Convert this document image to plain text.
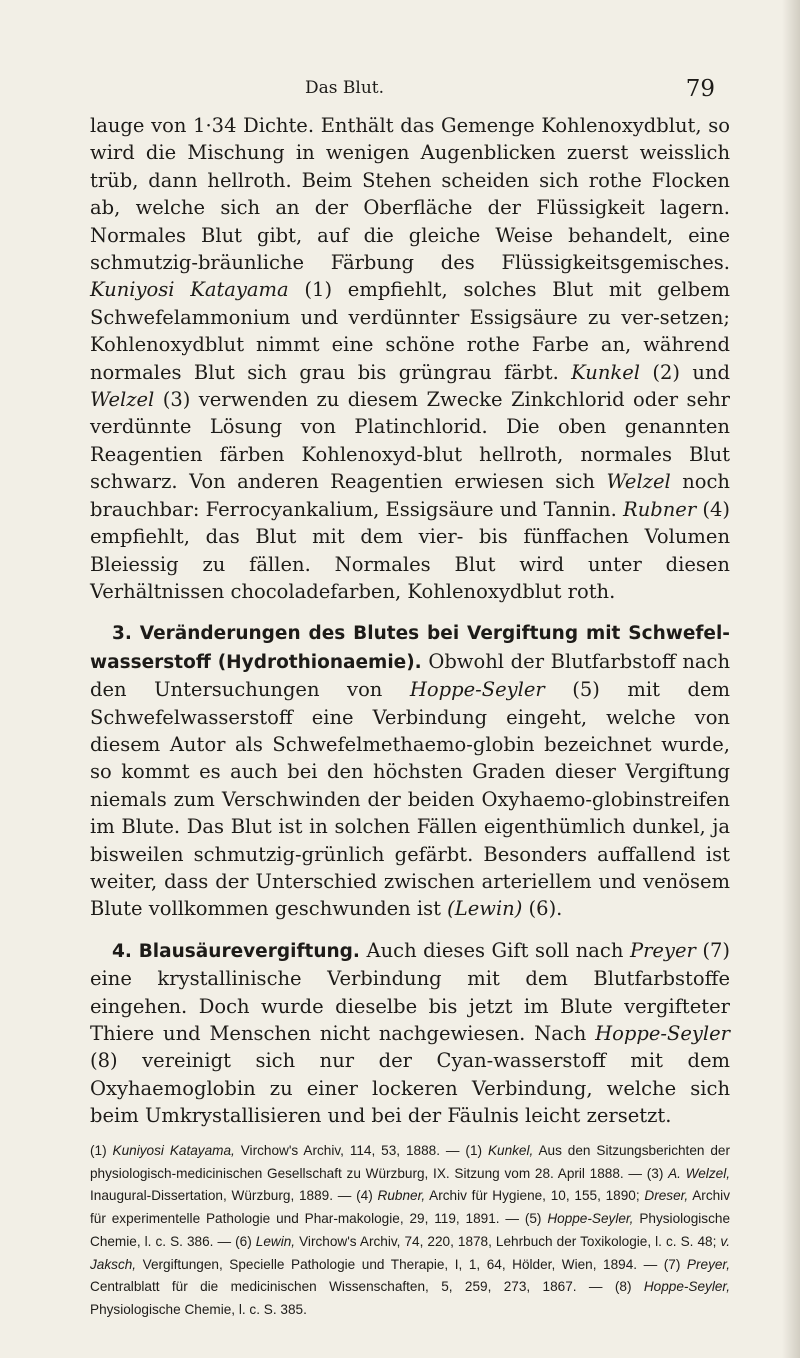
Das Blut.	79

lauge von 1·34 Dichte. Enthält das Gemenge Kohlenoxydblut, so wird die Mischung in wenigen Augenblicken zuerst weisslich trüb, dann hellroth. Beim Stehen scheiden sich rothe Flocken ab, welche sich an der Oberfläche der Flüssigkeit lagern. Normales Blut gibt, auf die gleiche Weise behandelt, eine schmutzig-bräunliche Färbung des Flüssigkeitsgemisches. Kuniyosi Katayama (1) empfiehlt, solches Blut mit gelbem Schwefelammonium und verdünnter Essigsäure zu ver-setzen; Kohlenoxydblut nimmt eine schöne rothe Farbe an, während normales Blut sich grau bis grüngrau färbt. Kunkel (2) und Welzel (3) verwenden zu diesem Zwecke Zinkchlorid oder sehr verdünnte Lösung von Platinchlorid. Die oben genannten Reagentien färben Kohlenoxyd-blut hellroth, normales Blut schwarz. Von anderen Reagentien erwiesen sich Welzel noch brauchbar: Ferrocyankalium, Essigsäure und Tannin. Rubner (4) empfiehlt, das Blut mit dem vier- bis fünffachen Volumen Bleiessig zu fällen. Normales Blut wird unter diesen Verhältnissen chocoladefarben, Kohlenoxydblut roth.

3. Veränderungen des Blutes bei Vergiftung mit Schwefel-wasserstoff (Hydrothionaemie). Obwohl der Blutfarbstoff nach den Untersuchungen von Hoppe-Seyler (5) mit dem Schwefelwasserstoff eine Verbindung eingeht, welche von diesem Autor als Schwefelmethaemo-globin bezeichnet wurde, so kommt es auch bei den höchsten Graden dieser Vergiftung niemals zum Verschwinden der beiden Oxyhaemo-globinstreifen im Blute. Das Blut ist in solchen Fällen eigenthümlich dunkel, ja bisweilen schmutzig-grünlich gefärbt. Besonders auffallend ist weiter, dass der Unterschied zwischen arteriellem und venösem Blute vollkommen geschwunden ist (Lewin) (6).

4. Blausäurevergiftung. Auch dieses Gift soll nach Preyer (7) eine krystallinische Verbindung mit dem Blutfarbstoffe eingehen. Doch wurde dieselbe bis jetzt im Blute vergifteter Thiere und Menschen nicht nachgewiesen. Nach Hoppe-Seyler (8) vereinigt sich nur der Cyan-wasserstoff mit dem Oxyhaemoglobin zu einer lockeren Verbindung, welche sich beim Umkrystallisieren und bei der Fäulnis leicht zersetzt.

(1) Kuniyosi Katayama, Virchow's Archiv, 114, 53, 1888. — (1) Kunkel, Aus den Sitzungsberichten der physiologisch-medicinischen Gesellschaft zu Würzburg, IX. Sitzung vom 28. April 1888. — (3) A. Welzel, Inaugural-Dissertation, Würzburg, 1889. — (4) Rubner, Archiv für Hygiene, 10, 155, 1890; Dreser, Archiv für experimentelle Pathologie und Phar-makologie, 29, 119, 1891. — (5) Hoppe-Seyler, Physiologische Chemie, l. c. S. 386. — (6) Lewin, Virchow's Archiv, 74, 220, 1878, Lehrbuch der Toxikologie, l. c. S. 48; v. Jaksch, Vergiftungen, Specielle Pathologie und Therapie, I, 1, 64, Hölder, Wien, 1894. — (7) Preyer, Centralblatt für die medicinischen Wissenschaften, 5, 259, 273, 1867. — (8) Hoppe-Seyler, Physiologische Chemie, l. c. S. 385.
